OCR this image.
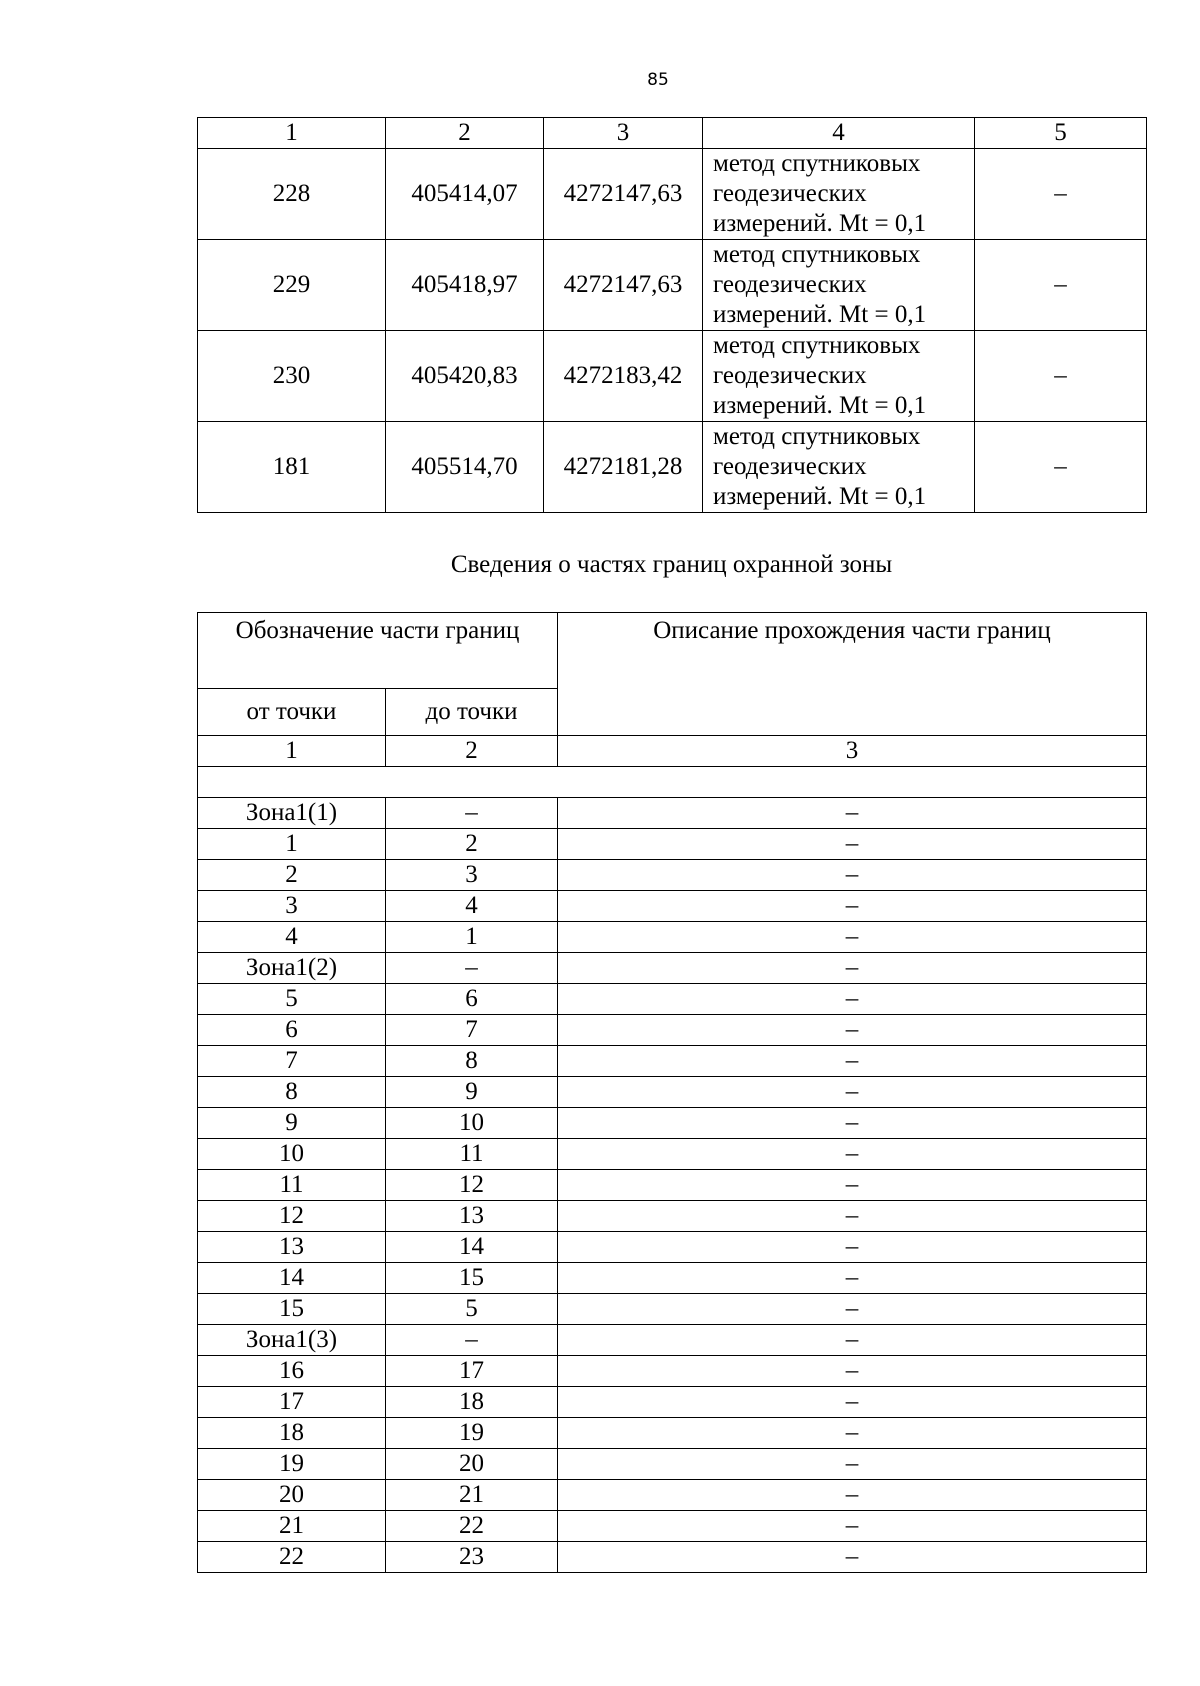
85
1	2	3	4	5
228	405414,07	4272147,63	метод спутниковых
геодезических
измерений. Mt = 0,1	–
229	405418,97	4272147,63	метод спутниковых
геодезических
измерений. Mt = 0,1	–
230	405420,83	4272183,42	метод спутниковых
геодезических
измерений. Mt = 0,1	–
181	405514,70	4272181,28	метод спутниковых
геодезических
измерений. Mt = 0,1	–
Сведения о частях границ охранной зоны
Обозначение части границ		Описание прохождения части границ
от точки	до точки	
1	2	3

Зона1(1)	–	–
1	2	–
2	3	–
3	4	–
4	1	–
Зона1(2)	–	–
5	6	–
6	7	–
7	8	–
8	9	–
9	10	–
10	11	–
11	12	–
12	13	–
13	14	–
14	15	–
15	5	–
Зона1(3)	–	–
16	17	–
17	18	–
18	19	–
19	20	–
20	21	–
21	22	–
22	23	–
